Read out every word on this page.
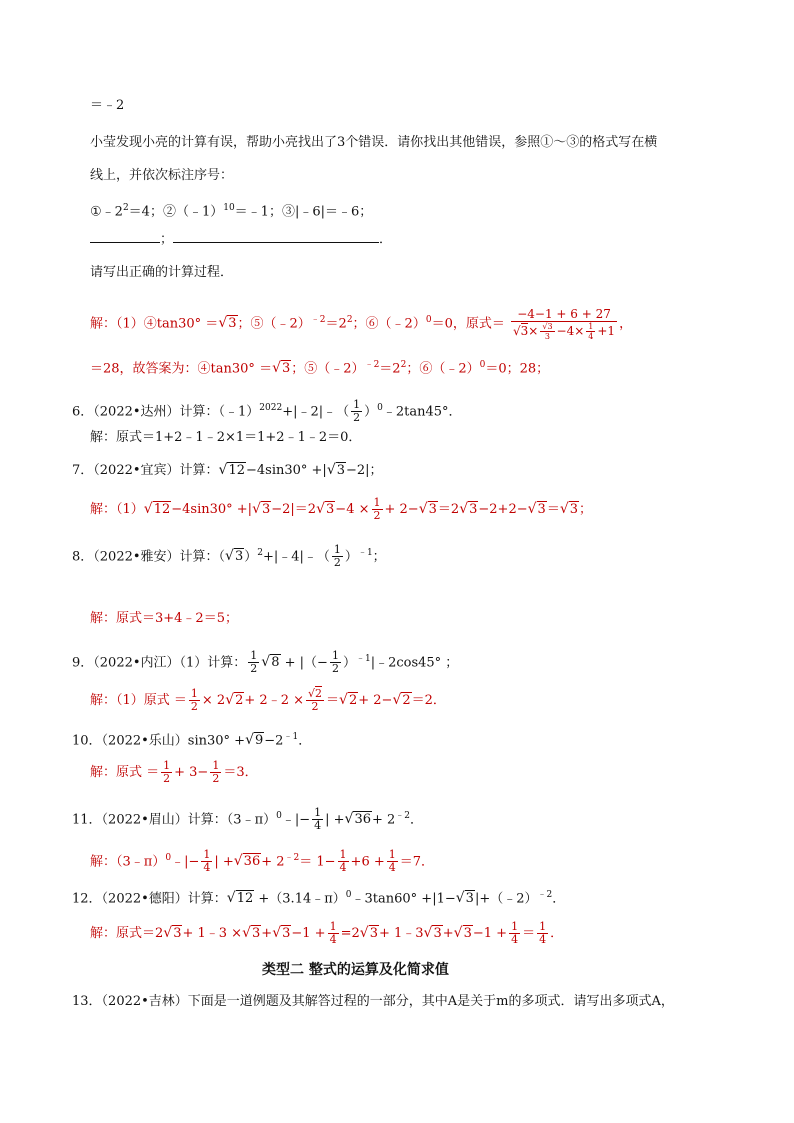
＝﹣2
小莹发现小亮的计算有误，帮助小亮找出了3个错误．请你找出其他错误，参照①～③的格式写在横
线上，并依次标注序号：
$①﹣2^2=4$；②（﹣1）$^{10}$＝﹣1；③|﹣6|＝﹣6；
；	．
请写出正确的计算过程．
解：（1）④tan30° ＝√3；$⑤(﹣2)^{﹣2}=2^2$；⑥（﹣2）$^0$＝0，原式＝ $\frac{-4-1 + 6 + 27}{√3\times \frac{√3}{3} -4\times \frac{1}{4} +1}$ ，
＝28，故答案为：④tan30° ＝√3；$⑤(﹣2)^{﹣2}=2^2$；⑥（﹣2）$^0$＝0；28；
6．（2022•达州）计算：（﹣1）$^{2022}$+|﹣2|﹣（ $\frac{1}{2}$ ）$^0$﹣2tan45°．
解：原式＝1+2﹣1﹣2×1＝1+2﹣1﹣2＝0．
7．（2022•宜宾）计算：√12−4sin30° +|√3−2|；
解：$(1)√12-4\sin 30^\circ +|√3-2|=2√3-4 \times \frac{1}{2} + 2-√3=2√3-2+2-√3=√3$；
8．（2022•雅安）计算：$(√3)^2+|﹣4|﹣( \frac{1}{2} )^{﹣1}$；
解：原式＝3+4﹣2＝5；
9．（2022•内江）（1）计算： $\frac{1}{2} √8$ + |（− $\frac{1}{2}$ ）$^{﹣1}$|﹣2cos45° ；
解：（1）原式 ＝ $\frac{1}{2} \times 2√2+$ 2﹣2 × $\frac{√2}{2} =√2+ 2-√2=2$．
10．（2022•乐山）$\sin 30^\circ +√9-2^{﹣1}$．
解：原式 ＝ $\frac{1}{2} + 3- \frac{1}{2} =3$．
11．（2022•眉山）计算：（3﹣π）$^0$﹣|− $\frac{1}{4}$ | $+√36+ 2^{﹣2}$．
解：（3﹣π）$^0$﹣|− $\frac{1}{4}$ | $+√36+ 2^{﹣2}= 1- \frac{1}{4} +6 + \frac{1}{4} =7$．
12．（2022•德阳）计算：√12 +（3.14﹣π）$^0$﹣3tan60° +|1−√3|+（﹣2）$^{﹣2}$．
解：原式＝2√3+ 1﹣3 $\times√3+√3-1 + \frac{1}{4} =2√3+$ 1﹣3√3+√3−1 + $\frac{1}{4} = \frac{1}{4}$ ．
类型二 整式的运算及化简求值
13．（2022•吉林）下面是一道例题及其解答过程的一部分，其中A是关于m的多项式．请写出多项式A，
